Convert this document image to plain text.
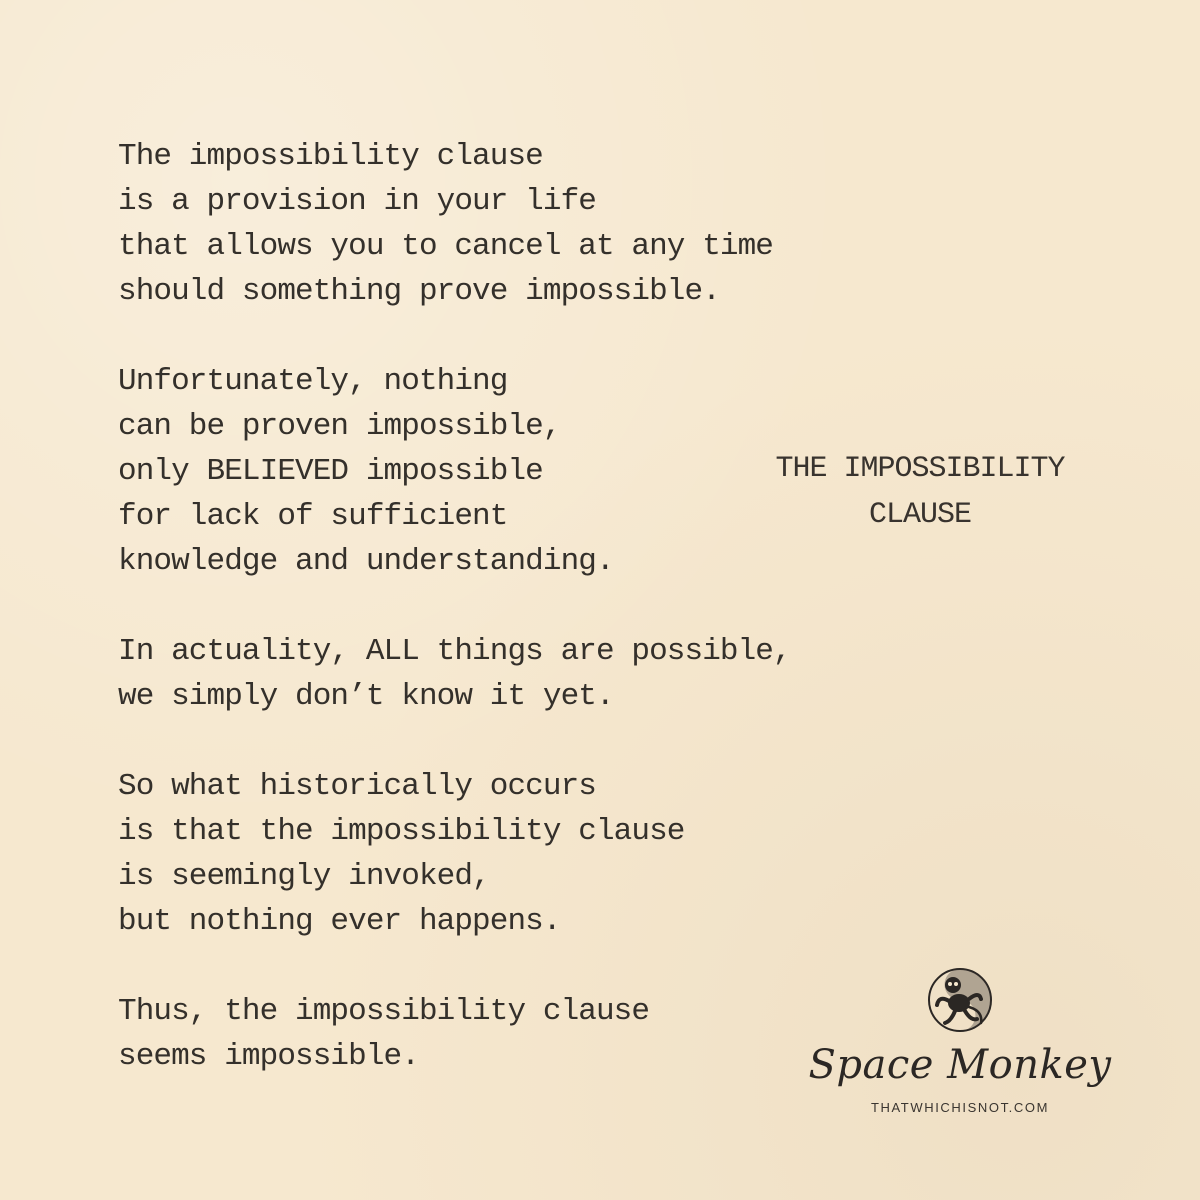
The impossibility clause
is a provision in your life
that allows you to cancel at any time
should something prove impossible.
Unfortunately, nothing
can be proven impossible,
only BELIEVED impossible
for lack of sufficient
knowledge and understanding.
In actuality, ALL things are possible,
we simply don’t know it yet.
So what historically occurs
is that the impossibility clause
is seemingly invoked,
but nothing ever happens.
Thus, the impossibility clause
seems impossible.
THE IMPOSSIBILITY
CLAUSE
Space Monkey
THATWHICHISNOT.COM
